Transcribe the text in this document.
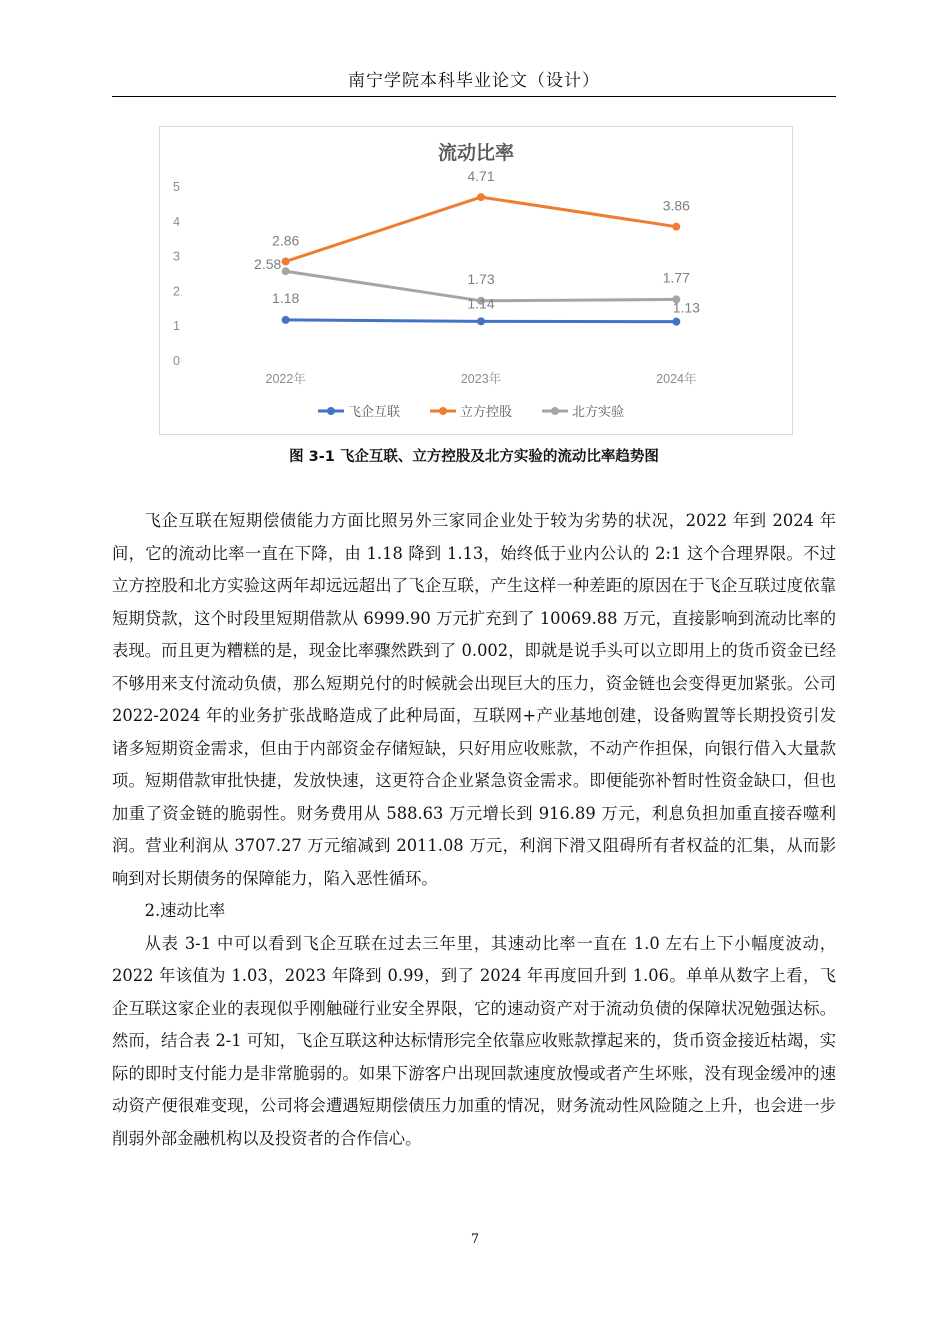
南宁学院本科毕业论文（设计）
流动比率
0
1
2
3
4
5
2022年	2023年	2024年
1.18	1.14	1.13
2.86
4.71
3.86
2.58
1.73	1.77
飞企互联	立方控股	北方实验
图 3-1 飞企互联、立方控股及北方实验的流动比率趋势图

飞企互联在短期偿债能力方面比照另外三家同企业处于较为劣势的状况，2022 年到 2024 年间，它的流动比率一直在下降，由 1.18 降到 1.13，始终低于业内公认的 2:1 这个合理界限。不过立方控股和北方实验这两年却远远超出了飞企互联，产生这样一种差距的原因在于飞企互联过度依靠短期贷款，这个时段里短期借款从 6999.90 万元扩充到了 10069.88 万元，直接影响到流动比率的表现。而且更为糟糕的是，现金比率骤然跌到了 0.002，即就是说手头可以立即用上的货币资金已经不够用来支付流动负债，那么短期兑付的时候就会出现巨大的压力，资金链也会变得更加紧张。公司 2022-2024 年的业务扩张战略造成了此种局面，互联网+产业基地创建，设备购置等长期投资引发诸多短期资金需求，但由于内部资金存储短缺，只好用应收账款，不动产作担保，向银行借入大量款项。短期借款审批快捷，发放快速，这更符合企业紧急资金需求。即便能弥补暂时性资金缺口，但也加重了资金链的脆弱性。财务费用从 588.63 万元增长到 916.89 万元，利息负担加重直接吞噬利润。营业利润从 3707.27 万元缩减到 2011.08 万元，利润下滑又阻碍所有者权益的汇集，从而影响到对长期债务的保障能力，陷入恶性循环。

2.速动比率

从表 3-1 中可以看到飞企互联在过去三年里，其速动比率一直在 1.0 左右上下小幅度波动，2022 年该值为 1.03，2023 年降到 0.99，到了 2024 年再度回升到 1.06。单单从数字上看，飞企互联这家企业的表现似乎刚触碰行业安全界限，它的速动资产对于流动负债的保障状况勉强达标。然而，结合表 2-1 可知，飞企互联这种达标情形完全依靠应收账款撑起来的，货币资金接近枯竭，实际的即时支付能力是非常脆弱的。如果下游客户出现回款速度放慢或者产生坏账，没有现金缓冲的速动资产便很难变现，公司将会遭遇短期偿债压力加重的情况，财务流动性风险随之上升，也会进一步削弱外部金融机构以及投资者的合作信心。

7
